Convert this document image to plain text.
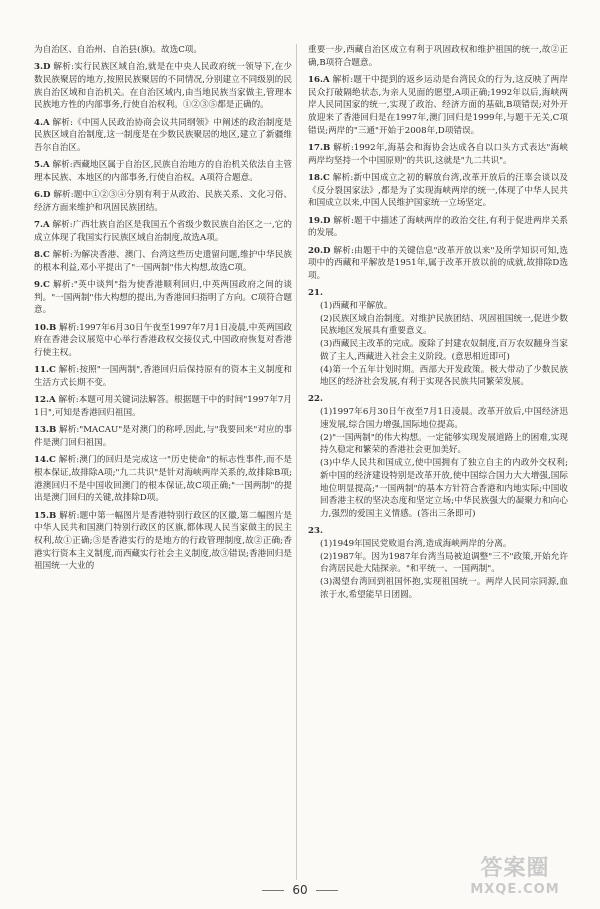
为自治区、自治州、自治县(旗)。故选C项。
3.D 解析:实行民族区域自治,就是在中央人民政府统一领导下,在少数民族聚居的地方,按照民族聚居的不同情况,分别建立不同级别的民族自治区域和自治机关。在自治区域内,由当地民族当家做主,管理本民族地方性的内部事务,行使自治权利。①②③⑤都是正确的。
4.A 解析:《中国人民政治协商会议共同纲领》中阐述的政治制度是民族区域自治制度,这一制度是在少数民族聚居的地区,建立了新疆维吾尔自治区。
5.A 解析:西藏地区属于自治区,民族自治地方的自治机关依法自主管理本民族、本地区的内部事务,行使自治权。A项符合题意。
6.D 解析:题中①②③④分别有利于从政治、民族关系、文化习俗、经济方面来维护和巩固民族团结。
7.A 解析:广西壮族自治区是我国五个省级少数民族自治区之一,它的成立体现了我国实行民族区域自治制度,故选A项。
8.C 解析:为解决香港、澳门、台湾这些历史遗留问题,维护中华民族的根本利益,邓小平提出了"一国两制"伟大构想,故选C项。
9.C 解析:"英中谈判"指为使香港顺利回归,中英两国政府之间的谈判。"一国两制"伟大构想的提出,为香港回归指明了方向。C项符合题意。
10.B 解析:1997年6月30日午夜至1997年7月1日凌晨,中英两国政府在香港会议展览中心举行香港政权交接仪式,中国政府恢复对香港行使主权。
11.C 解析:按照"一国两制",香港回归后保持原有的资本主义制度和生活方式长期不变。
12.A 解析:本题可用关键词法解答。根据题干中的时间"1997年7月1日",可知是香港回归祖国。
13.B 解析:"MACAU"是对澳门的称呼,因此,与"我要回来"对应的事件是澳门回归祖国。
14.C 解析:澳门的回归是完成这一"历史使命"的标志性事件,而不是根本保证,故排除A项;"九二共识"是针对海峡两岸关系的,故排除B项;港澳回归不是中国收回澳门的根本保证,故C项正确;"一国两制"的提出是澳门回归的关键,故排除D项。
15.B 解析:题中第一幅图片是香港特别行政区的区徽,第二幅图片是中华人民共和国澳门特别行政区的区旗,都体现人民当家做主的民主权利,故①正确;③是香港实行的是地方的行政管理制度,故②正确;香港实行资本主义制度,而西藏实行社会主义制度,故③错误;香港回归是祖国统一大业的
重要一步,西藏自治区成立有利于巩固政权和维护祖国的统一,故②正确,B项符合题意。
16.A 解析:题干中提到的返乡运动是台湾民众的行为,这反映了两岸民众打破隔绝状态,为亲人见面的愿望,A项正确;1992年以后,海峡两岸人民同国家的统一,实现了政治、经济方面的基础,B项错误;对外开放迎来了香港回归是在1997年,澳门回归是1999年,与题干无关,C项错误;两岸的"三通"开始于2008年,D项错误。
17.B 解析:1992年,海基会和海协会达成各自以口头方式表达"海峡两岸均坚持一个中国原则"的共识,这就是"九二共识"。
18.C 解析:新中国成立之初的解放台湾,改革开放后的汪辜会谈以及《反分裂国家法》,都是为了实现海峡两岸的统一,体现了中华人民共和国成立以来,中国人民维护国家统一立场坚定。
19.D 解析:题干中描述了海峡两岸的政治交往,有利于促进两岸关系的发展。
20.D 解析:由题干中的关键信息"改革开放以来"及所学知识可知,选项中的西藏和平解放是1951年,属于改革开放以前的成就,故排除D选项。
21.
(1)西藏和平解放。
(2)民族区域自治制度。对维护民族团结、巩固祖国统一,促进少数民族地区发展具有重要意义。
(3)西藏民主改革的完成。废除了封建农奴制度,百万农奴翻身当家做了主人,西藏进入社会主义阶段。(意思相近即可)
(4)第一个五年计划时期。西部大开发政策。极大带动了少数民族地区的经济社会发展,有利于实现各民族共同繁荣发展。
22.
(1)1997年6月30日午夜至7月1日凌晨。改革开放后,中国经济迅速发展,综合国力增强,国际地位提高。
(2)"一国两制"的伟大构想。一定能够实现发展道路上的困难,实现持久稳定和繁荣的香港社会更加美好。
(3)中华人民共和国成立,使中国拥有了独立自主的内政外交权利;新中国的经济建设特别是改革开放,使中国综合国力大大增强,国际地位明显提高;"一国两制"的基本方针符合香港和内地实际;中国收回香港主权的坚决态度和坚定立场;中华民族强大的凝聚力和向心力,强烈的爱国主义情感。(答出三条即可)
23.
(1)1949年国民党败退台湾,造成海峡两岸的分离。
(2)1987年。因为1987年台湾当局被迫调整"三不"政策,开始允许台湾居民赴大陆探亲。"和平统一、一国两制"。
(3)渴望台湾回到祖国怀抱,实现祖国统一。两岸人民同宗同源,血浓于水,希望能早日团圆。
60
答案圈
MXQE.COM
